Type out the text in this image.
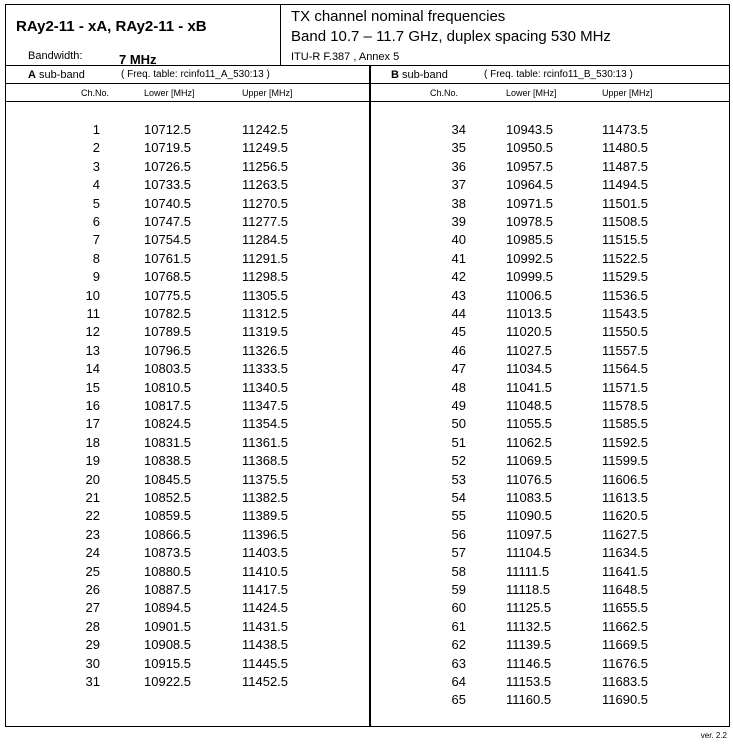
RAy2-11 - xA, RAy2-11 - xB
Bandwidth:	7 MHz
TX channel nominal frequencies
Band 10.7 – 11.7 GHz, duplex spacing 530 MHz
ITU-R F.387 , Annex 5
A sub-band	( Freq. table: rcinfo11_A_530:13 )
Ch.No.	Lower [MHz]	Upper [MHz]
B sub-band	( Freq. table: rcinfo11_B_530:13 )
Ch.No.	Lower [MHz]	Upper [MHz]
1	10712.5	11242.5
2	10719.5	11249.5
3	10726.5	11256.5
4	10733.5	11263.5
5	10740.5	11270.5
6	10747.5	11277.5
7	10754.5	11284.5
8	10761.5	11291.5
9	10768.5	11298.5
10	10775.5	11305.5
11	10782.5	11312.5
12	10789.5	11319.5
13	10796.5	11326.5
14	10803.5	11333.5
15	10810.5	11340.5
16	10817.5	11347.5
17	10824.5	11354.5
18	10831.5	11361.5
19	10838.5	11368.5
20	10845.5	11375.5
21	10852.5	11382.5
22	10859.5	11389.5
23	10866.5	11396.5
24	10873.5	11403.5
25	10880.5	11410.5
26	10887.5	11417.5
27	10894.5	11424.5
28	10901.5	11431.5
29	10908.5	11438.5
30	10915.5	11445.5
31	10922.5	11452.5
34	10943.5	11473.5
35	10950.5	11480.5
36	10957.5	11487.5
37	10964.5	11494.5
38	10971.5	11501.5
39	10978.5	11508.5
40	10985.5	11515.5
41	10992.5	11522.5
42	10999.5	11529.5
43	11006.5	11536.5
44	11013.5	11543.5
45	11020.5	11550.5
46	11027.5	11557.5
47	11034.5	11564.5
48	11041.5	11571.5
49	11048.5	11578.5
50	11055.5	11585.5
51	11062.5	11592.5
52	11069.5	11599.5
53	11076.5	11606.5
54	11083.5	11613.5
55	11090.5	11620.5
56	11097.5	11627.5
57	11104.5	11634.5
58	11111.5	11641.5
59	11118.5	11648.5
60	11125.5	11655.5
61	11132.5	11662.5
62	11139.5	11669.5
63	11146.5	11676.5
64	11153.5	11683.5
65	11160.5	11690.5
ver. 2.2
